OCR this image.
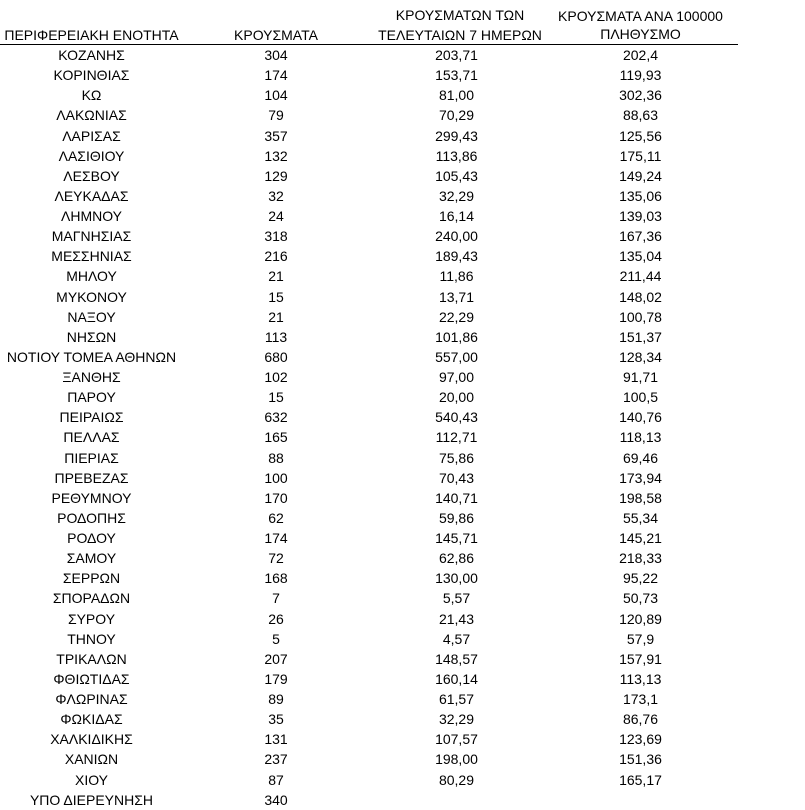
ΠΕΡΙΦΕΡΕΙΑΚΗ ΕΝΟΤΗΤΑ	ΚΡΟΥΣΜΑΤΑ
ΚΡΟΥΣΜΑΤΩΝ ΤΩΝ
ΤΕΛΕΥΤΑΙΩΝ 7 ΗΜΕΡΩΝ
ΚΡΟΥΣΜΑΤΑ ΑΝΑ 100000
ΠΛΗΘΥΣΜΟ
ΚΟΖΑΝΗΣ	304	203,71	202,4
ΚΟΡΙΝΘΙΑΣ	174	153,71	119,93
ΚΩ	104	81,00	302,36
ΛΑΚΩΝΙΑΣ	79	70,29	88,63
ΛΑΡΙΣΑΣ	357	299,43	125,56
ΛΑΣΙΘΙΟΥ	132	113,86	175,11
ΛΕΣΒΟΥ	129	105,43	149,24
ΛΕΥΚΑΔΑΣ	32	32,29	135,06
ΛΗΜΝΟΥ	24	16,14	139,03
ΜΑΓΝΗΣΙΑΣ	318	240,00	167,36
ΜΕΣΣΗΝΙΑΣ	216	189,43	135,04
ΜΗΛΟΥ	21	11,86	211,44
ΜΥΚΟΝΟΥ	15	13,71	148,02
ΝΑΞΟΥ	21	22,29	100,78
ΝΗΣΩΝ	113	101,86	151,37
ΝΟΤΙΟΥ ΤΟΜΕΑ ΑΘΗΝΩΝ	680	557,00	128,34
ΞΑΝΘΗΣ	102	97,00	91,71
ΠΑΡΟΥ	15	20,00	100,5
ΠΕΙΡΑΙΩΣ	632	540,43	140,76
ΠΕΛΛΑΣ	165	112,71	118,13
ΠΙΕΡΙΑΣ	88	75,86	69,46
ΠΡΕΒΕΖΑΣ	100	70,43	173,94
ΡΕΘΥΜΝΟΥ	170	140,71	198,58
ΡΟΔΟΠΗΣ	62	59,86	55,34
ΡΟΔΟΥ	174	145,71	145,21
ΣΑΜΟΥ	72	62,86	218,33
ΣΕΡΡΩΝ	168	130,00	95,22
ΣΠΟΡΑΔΩΝ	7	5,57	50,73
ΣΥΡΟΥ	26	21,43	120,89
ΤΗΝΟΥ	5	4,57	57,9
ΤΡΙΚΑΛΩΝ	207	148,57	157,91
ΦΘΙΩΤΙΔΑΣ	179	160,14	113,13
ΦΛΩΡΙΝΑΣ	89	61,57	173,1
ΦΩΚΙΔΑΣ	35	32,29	86,76
ΧΑΛΚΙΔΙΚΗΣ	131	107,57	123,69
ΧΑΝΙΩΝ	237	198,00	151,36
ΧΙΟΥ	87	80,29	165,17
ΥΠΟ ΔΙΕΡΕΥΝΗΣΗ	340		
